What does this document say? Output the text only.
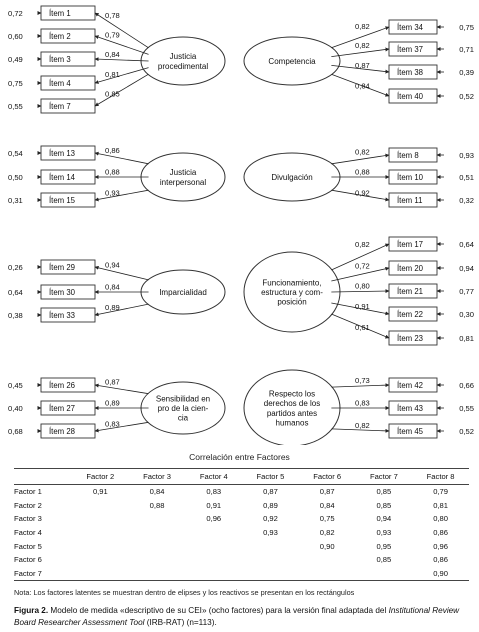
Justicia
procedimental
Ítem 1
0,72	0,78
Ítem 2
0,60	0,79
Ítem 3
0,49
0,84
Ítem 4
0,75
0,81
Ítem 7
0,55
0,85
Competencia
Ítem 34	0,75
0,82
Ítem 37	0,71
0,82
Ítem 38	0,39
0,87
Ítem 40	0,52
0,84
Justicia
interpersonal
Ítem 13
0,54	0,86
Ítem 14
0,50
0,88
Ítem 15
0,31
0,93
Divulgación
Ítem 8	0,93
0,82
Ítem 10	0,51
0,88
Ítem 11	0,32
0,92
Imparcialidad
Ítem 29
0,26	0,94
Ítem 30
0,64
0,84
Ítem 33
0,38
0,89
Funcionamiento,
estructura y com-
posición
Ítem 17	0,64
0,82
Ítem 20	0,94
0,72
Ítem 21	0,77
0,80
Ítem 22	0,30
0,91
Ítem 23	0,81
0,61
Sensibilidad en
pro de la cien-
cia
Ítem 26
0,45	0,87
Ítem 27
0,40
0,89
Ítem 28
0,68
0,83
Respecto los
derechos de los
partidos antes
humanos
Ítem 42	0,66
0,73
Ítem 43	0,55
0,83
Ítem 45	0,52
0,82
Correlación entre Factores
	Factor 2	Factor 3	Factor 4	Factor 5	Factor 6	Factor 7	Factor 8
Factor 1	0,91	0,84	0,83	0,87	0,87	0,85	0,79
Factor 2		0,88	0,91	0,89	0,84	0,85	0,81
Factor 3			0,96	0,92	0,75	0,94	0,80
Factor 4				0,93	0,82	0,93	0,86
Factor 5					0,90	0,95	0,96
Factor 6						0,85	0,86
Factor 7							0,90
Nota: Los factores latentes se muestran dentro de elipses y los reactivos se presentan en los rectángulos
Figura 2. Modelo de medida «descriptivo de su CEI» (ocho factores) para la versión final adaptada del Institutional Review Board Researcher Assessment Tool (IRB-RAT) (n=113).
